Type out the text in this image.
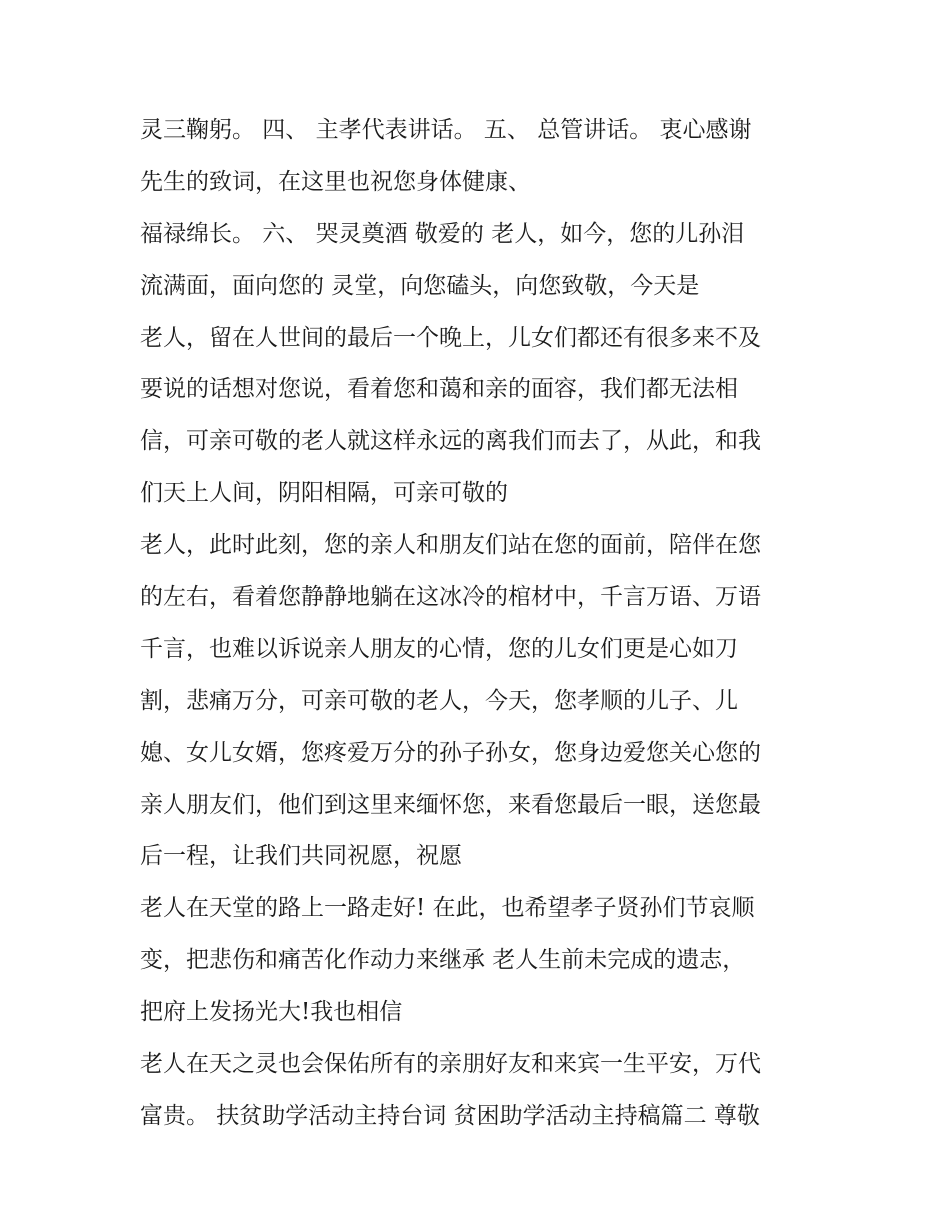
灵三鞠躬。 四、 主孝代表讲话。 五、 总管讲话。 衷心感谢
先生的致词，在这里也祝您身体健康、
福禄绵长。 六、 哭灵奠酒 敬爱的 老人，如今，您的儿孙泪
流满面，面向您的 灵堂，向您磕头，向您致敬，今天是
老人，留在人世间的最后一个晚上，儿女们都还有很多来不及
要说的话想对您说，看着您和蔼和亲的面容，我们都无法相
信，可亲可敬的老人就这样永远的离我们而去了，从此，和我
们天上人间，阴阳相隔，可亲可敬的
老人，此时此刻，您的亲人和朋友们站在您的面前，陪伴在您
的左右，看着您静静地躺在这冰冷的棺材中，千言万语、万语
千言，也难以诉说亲人朋友的心情，您的儿女们更是心如刀
割，悲痛万分，可亲可敬的老人，今天，您孝顺的儿子、儿
媳、女儿女婿，您疼爱万分的孙子孙女，您身边爱您关心您的
亲人朋友们，他们到这里来缅怀您，来看您最后一眼，送您最
后一程，让我们共同祝愿，祝愿
老人在天堂的路上一路走好! 在此，也希望孝子贤孙们节哀顺
变，把悲伤和痛苦化作动力来继承 老人生前未完成的遗志，
把府上发扬光大!我也相信
老人在天之灵也会保佑所有的亲朋好友和来宾一生平安，万代
富贵。 扶贫助学活动主持台词 贫困助学活动主持稿篇二 尊敬
